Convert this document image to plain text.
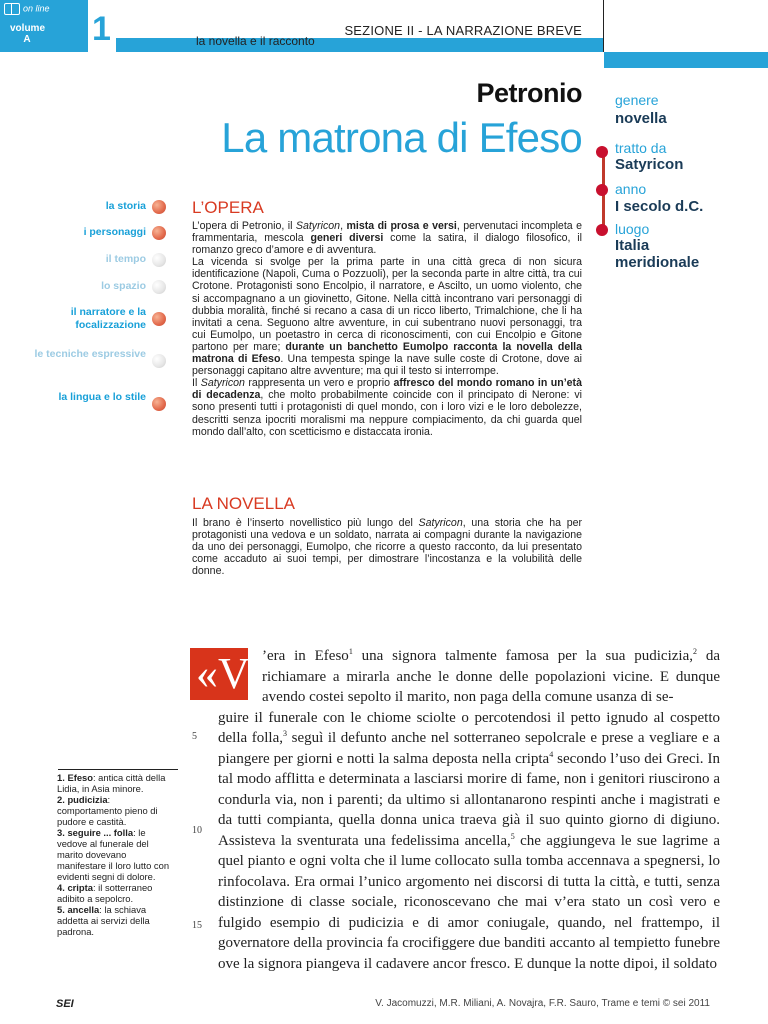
on line
volume
A	1	SEZIONE II - LA NARRAZIONE BREVE
la novella e il racconto
Petronio
La matrona di Efeso
genere
novella
tratto da
Satyricon
anno
I secolo d.C.
luogo
Italia meridionale
la storia
i personaggi
il tempo
lo spazio
il narratore e la focalizzazione
le tecniche espressive
la lingua e lo stile
L’OPERA
L’opera di Petronio, il Satyricon, mista di prosa e versi, pervenutaci incompleta e frammentaria, mescola generi diversi come la satira, il dialogo filosofico, il romanzo greco d’amore e di avventura.
La vicenda si svolge per la prima parte in una città greca di non sicura identificazione (Napoli, Cuma o Pozzuoli), per la seconda parte in altre città, tra cui Crotone. Protagonisti sono Encolpio, il narratore, e Ascilto, un uomo violento, che si accompagnano a un giovinetto, Gitone. Nella città incontrano vari personaggi di dubbia moralità, finché si recano a casa di un ricco liberto, Trimalchione, che li ha invitati a cena. Seguono altre avventure, in cui subentrano nuovi personaggi, tra cui Eumolpo, un poetastro in cerca di riconoscimenti, con cui Encolpio e Gitone partono per mare; durante un banchetto Eumolpo racconta la novella della matrona di Efeso. Una tempesta spinge la nave sulle coste di Crotone, dove ai personaggi capitano altre avventure; ma qui il testo si interrompe.
Il Satyricon rappresenta un vero e proprio affresco del mondo romano in un’età di decadenza, che molto probabilmente coincide con il principato di Nerone: vi sono presenti tutti i protagonisti di quel mondo, con i loro vizi e le loro debolezze, descritti senza ipocriti moralismi ma neppure compiacimento, da chi guarda quel mondo dall’alto, con scetticismo e distaccata ironia.
LA NOVELLA
Il brano è l’inserto novellistico più lungo del Satyricon, una storia che ha per protagonisti una vedova e un soldato, narrata ai compagni durante la navigazione da uno dei personaggi, Eumolpo, che ricorre a questo racconto, da lui presentato come accaduto ai suoi tempi, per dimostrare l’incostanza e la volubilità delle donne.
«V ’era in Efeso$^1$ una signora talmente famosa per la sua pudicizia,$^2$ da richiamare a mirarla anche le donne delle popolazioni vicine. E dunque avendo costei sepolto il marito, non paga della comune usanza di se-
guire il funerale con le chiome sciolte o percotendosi il petto ignudo al cospetto della folla,$^3$ seguì il defunto anche nel sotterraneo sepolcrale e prese a vegliare e a piangere per giorni e notti la salma deposta nella cripta$^4$ secondo l’uso dei Greci. In tal modo afflitta e determinata a lasciarsi morire di fame, non i genitori riuscirono a condurla via, non i parenti; da ultimo si allontanarono respinti anche i magistrati e da tutti compianta, quella donna unica traeva già il suo quinto giorno di digiuno. Assisteva la sventurata una fedelissima ancella,$^5$ che aggiungeva le sue lagrime a quel pianto e ogni volta che il lume collocato sulla tomba accennava a spegnersi, lo rinfocolava. Era ormai l’unico argomento nei discorsi di tutta la città, e tutti, senza distinzione di classe sociale, riconoscevano che mai v’era stato un così vero e fulgido esempio di pudicizia e di amor coniugale, quando, nel frattempo, il governatore della provincia fa crocifiggere due banditi accanto al tempietto funebre ove la signora piangeva il cadavere ancor fresco. E dunque la notte dipoi, il soldato
5
10
15

1. Efeso: antica città della Lidia, in Asia minore.

2. pudicizia: comportamento pieno di pudore e castità.

3. seguire ... folla: le vedove al funerale del marito dovevano manifestare il loro lutto con evidenti segni di dolore.

4. cripta: il sotterraneo adibito a sepolcro.

5. ancella: la schiava addetta ai servizi della padrona.

SEI	V. Jacomuzzi, M.R. Miliani, A. Novajra, F.R. Sauro, Trame e temi © sei 2011
